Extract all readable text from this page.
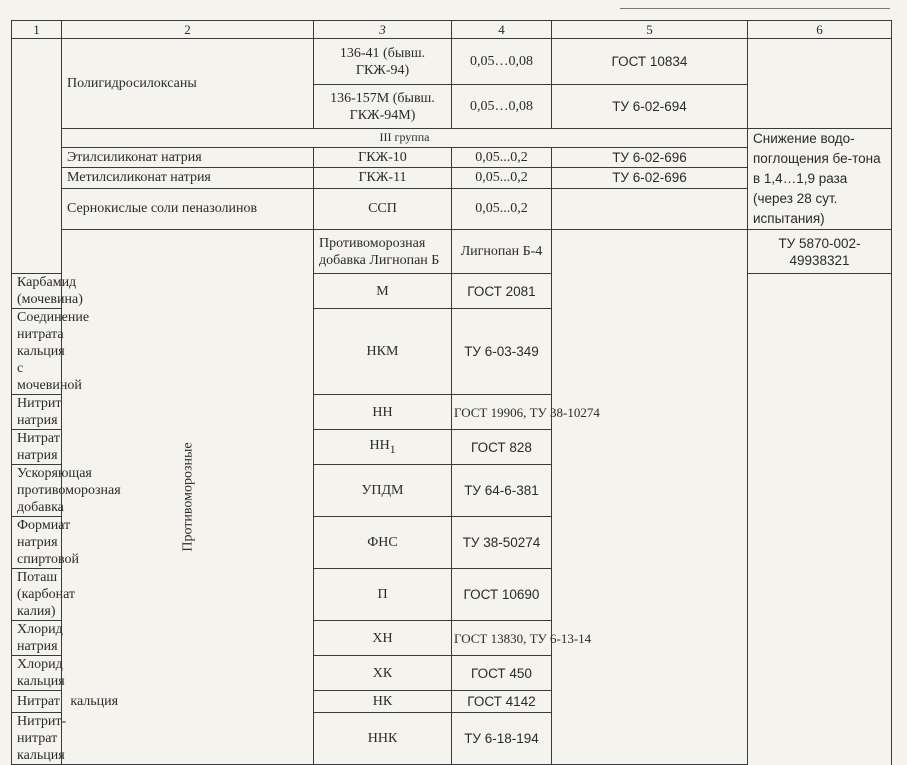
1	2	3	4	5	6	
	Полигидросилоксаны	136-41 (бывш. ГКЖ-94)	0,05…0,08	ГОСТ 10834		
		136-157М (бывш. ГКЖ-94М)	0,05…0,08	ТУ 6-02-694		
	III группа				Снижение водо-поглощения бе-тона в 1,4…1,9 раза (через 28 сут. испытания)	
	Этилсиликонат натрия	ГКЖ-10	0,05...0,2	ТУ 6-02-696		
	Метилсиликонат натрия	ГКЖ-11	0,05...0,2	ТУ 6-02-696		
	Сернокислые соли пеназолинов	ССП	0,05...0,2			

	Противоморозные	Противоморозная добавка Лигнопан Б	Лигнопан Б-4		ТУ 5870-002-49938321	
Карбамид (мочевина)		М	ГОСТ 2081			
Соединение нитрата кальция с мочевиной		НКМ	ТУ 6-03-349			
Нитрит натрия		НН	ГОСТ 19906, ТУ 38-10274			
Нитрат натрия		$НН_1$	ГОСТ 828			
Ускоряющая противоморозная добавка		УПДМ	ТУ 64-6-381			
Формиат натрия спиртовой		ФНС	ТУ 38-50274			
Поташ (карбонат калия)		П	ГОСТ 10690			
Хлорид натрия		ХН	ГОСТ 13830, ТУ 6-13-14			
Хлорид кальция		ХК	ГОСТ 450			
Нитрат   кальция		НК	ГОСТ 4142			
Нитрит-нитрат кальция		ННК	ТУ 6-18-194			
